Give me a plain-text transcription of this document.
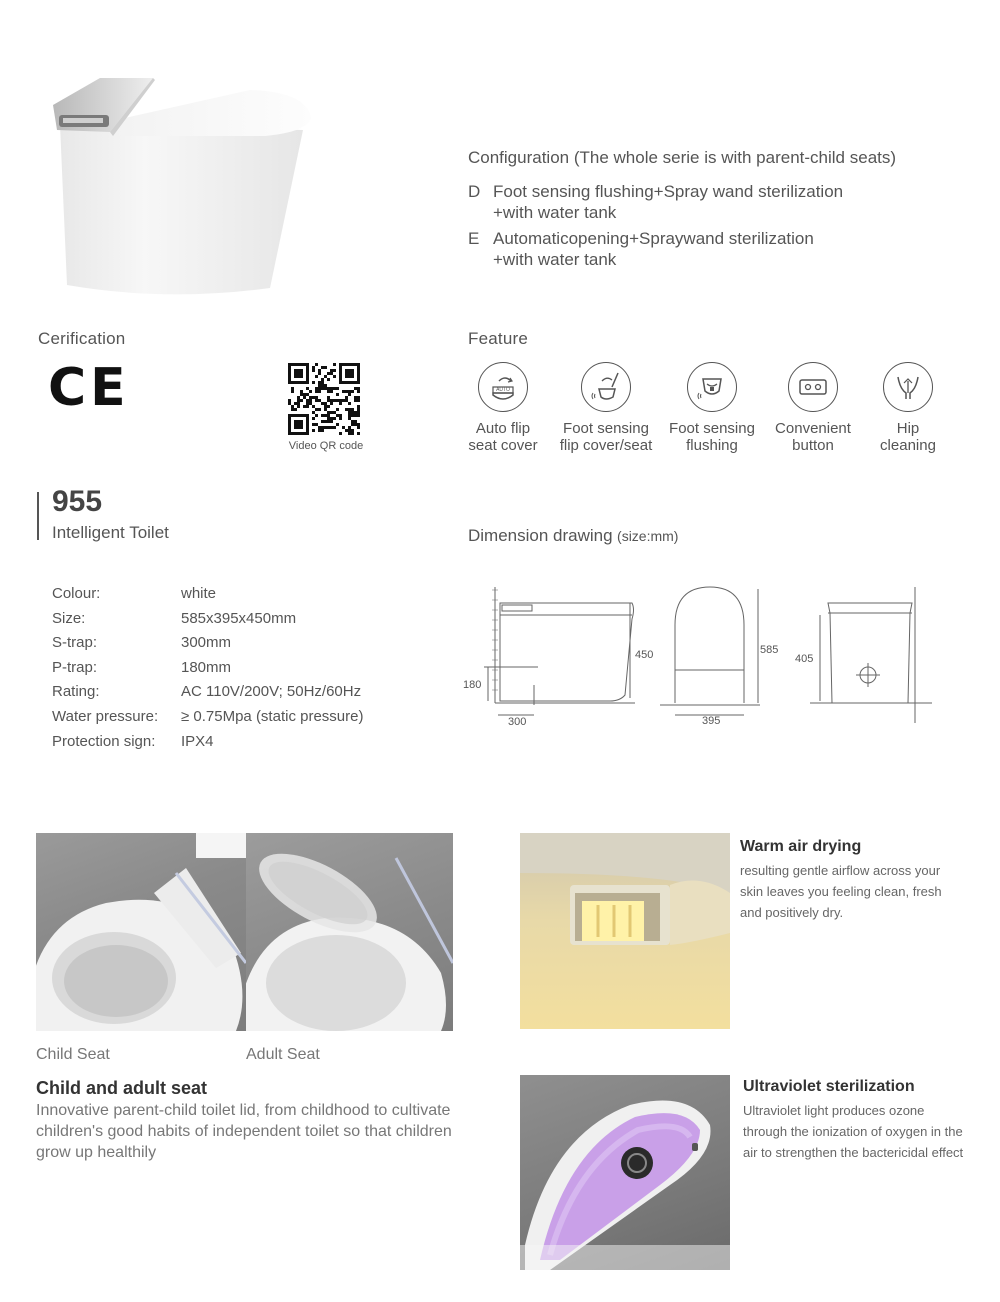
Configuration (The whole serie is with parent-child seats)
D Foot sensing flushing+Spray wand sterilization
+with water tank
E Automaticopening+Spraywand sterilization
+with water tank
Cerification
CE
Video QR code
Feature
AUTO
Auto flip
seat cover
Foot sensing
flip cover/seat
Foot sensing
flushing
Convenient
button
Hip
cleaning
955
Intelligent Toilet
Colour:	white
Size:	585x395x450mm
S-trap:	300mm
P-trap:	180mm
Rating:	AC 110V/200V; 50Hz/60Hz
Water pressure: ≥ 0.75Mpa (static pressure)
Protection sign: IPX4
Dimension drawing (size:mm)
180
300
450	585
395
405
Child Seat	Adult Seat
Child and adult seat
Innovative parent-child toilet lid, from childhood to cultivate children's good habits of independent toilet so that children grow up healthily
Warm air drying
resulting gentle airflow across your skin leaves you feeling clean, fresh and positively dry.
Ultraviolet sterilization
Ultraviolet light produces ozone through the ionization of oxygen in the air to strengthen the bactericidal effect
